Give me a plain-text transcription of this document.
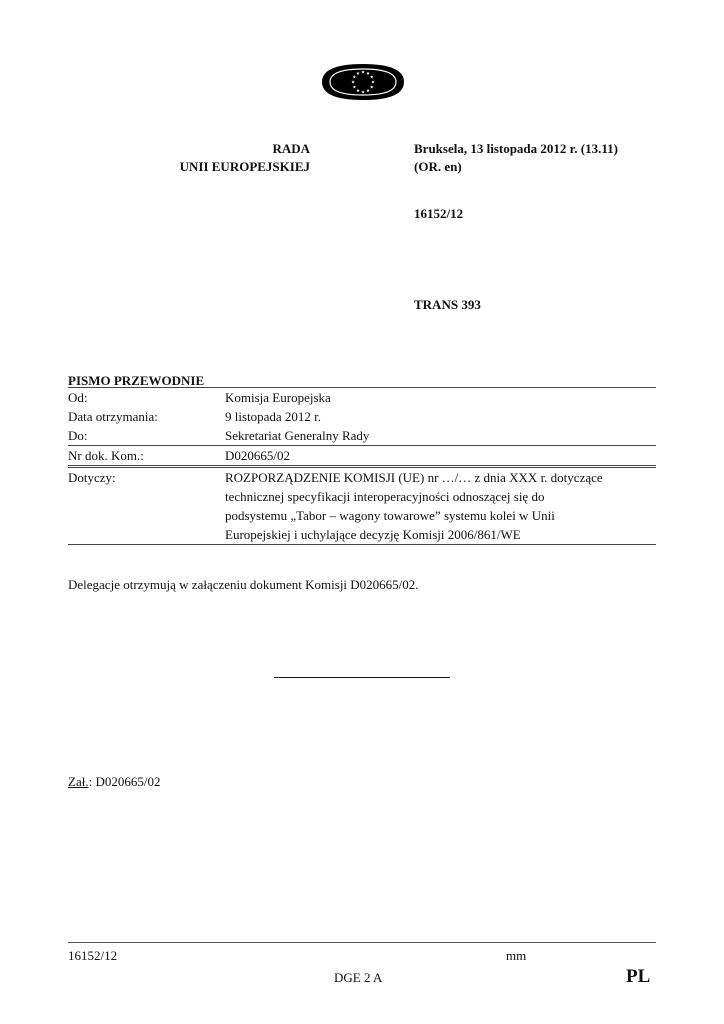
RADA
UNII EUROPEJSKIEJ
Bruksela, 13 listopada 2012 r. (13.11)
(OR. en)
16152/12
TRANS 393
PISMO PRZEWODNIE
Od:	Komisja Europejska
Data otrzymania:	9 listopada 2012 r.
Do:	Sekretariat Generalny Rady
Nr dok. Kom.:	D020665/02
Dotyczy:	ROZPORZĄDZENIE KOMISJI (UE) nr …/… z dnia XXX r. dotyczące
technicznej specyfikacji interoperacyjności odnoszącej się do
podsystemu „Tabor – wagony towarowe” systemu kolei w Unii
Europejskiej i uchylające decyzję Komisji 2006/861/WE
Delegacje otrzymują w załączeniu dokument Komisji D020665/02.
Zał.: D020665/02
16152/12	mm
DGE 2 A	PL
